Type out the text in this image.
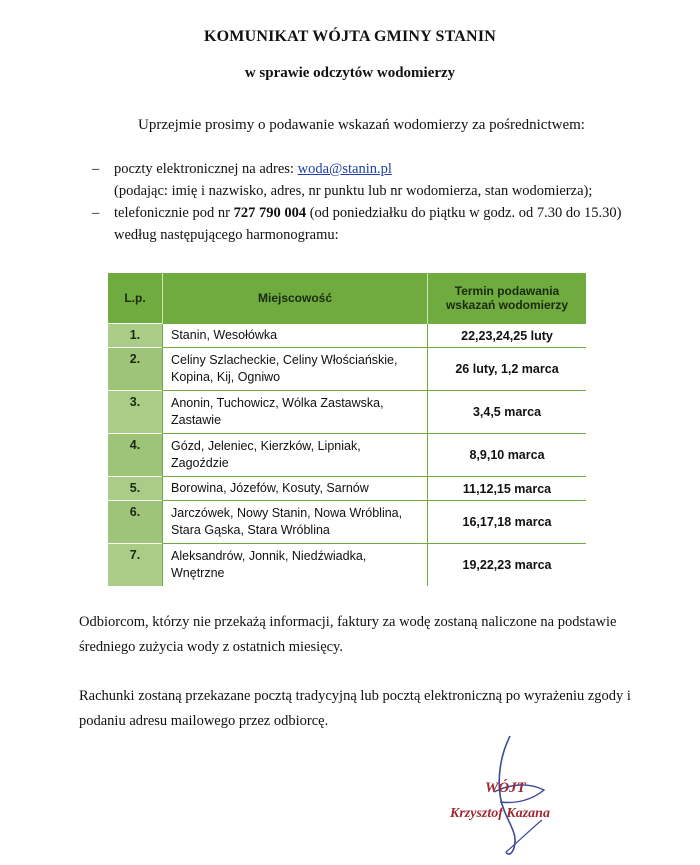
KOMUNIKAT WÓJTA GMINY STANIN
w sprawie odczytów wodomierzy
Uprzejmie prosimy o podawanie wskazań wodomierzy za pośrednictwem:
– poczty elektronicznej na adres: woda@stanin.pl
(podając: imię i nazwisko, adres, nr punktu lub nr wodomierza, stan wodomierza);
– telefonicznie pod nr 727 790 004 (od poniedziałku do piątku w godz. od 7.30 do 15.30)
według następującego harmonogramu:
L.p.	Miejscowość	Termin podawania
wskazań wodomierzy

1.	Stanin, Wesołówka	22,23,24,25 luty
2.	Celiny Szlacheckie, Celiny Włościańskie, Kopina, Kij, Ogniwo	26 luty, 1,2 marca
3.	Anonin, Tuchowicz, Wólka Zastawska, Zastawie	3,4,5 marca
4.	Gózd, Jeleniec, Kierzków, Lipniak, Zagoździe	8,9,10 marca
5.	Borowina, Józefów, Kosuty, Sarnów	11,12,15 marca
6.	Jarczówek, Nowy Stanin, Nowa Wróblina, Stara Gąska, Stara Wróblina	16,17,18 marca
7.	Aleksandrów, Jonnik, Niedźwiadka, Wnętrzne	19,22,23 marca
Odbiorcom, którzy nie przekażą informacji, faktury za wodę zostaną naliczone na podstawie średniego zużycia wody z ostatnich miesięcy.
Rachunki zostaną przekazane pocztą tradycyjną lub pocztą elektroniczną po wyrażeniu zgody i podaniu adresu mailowego przez odbiorcę.
WÓJT
Krzysztof Kazana
